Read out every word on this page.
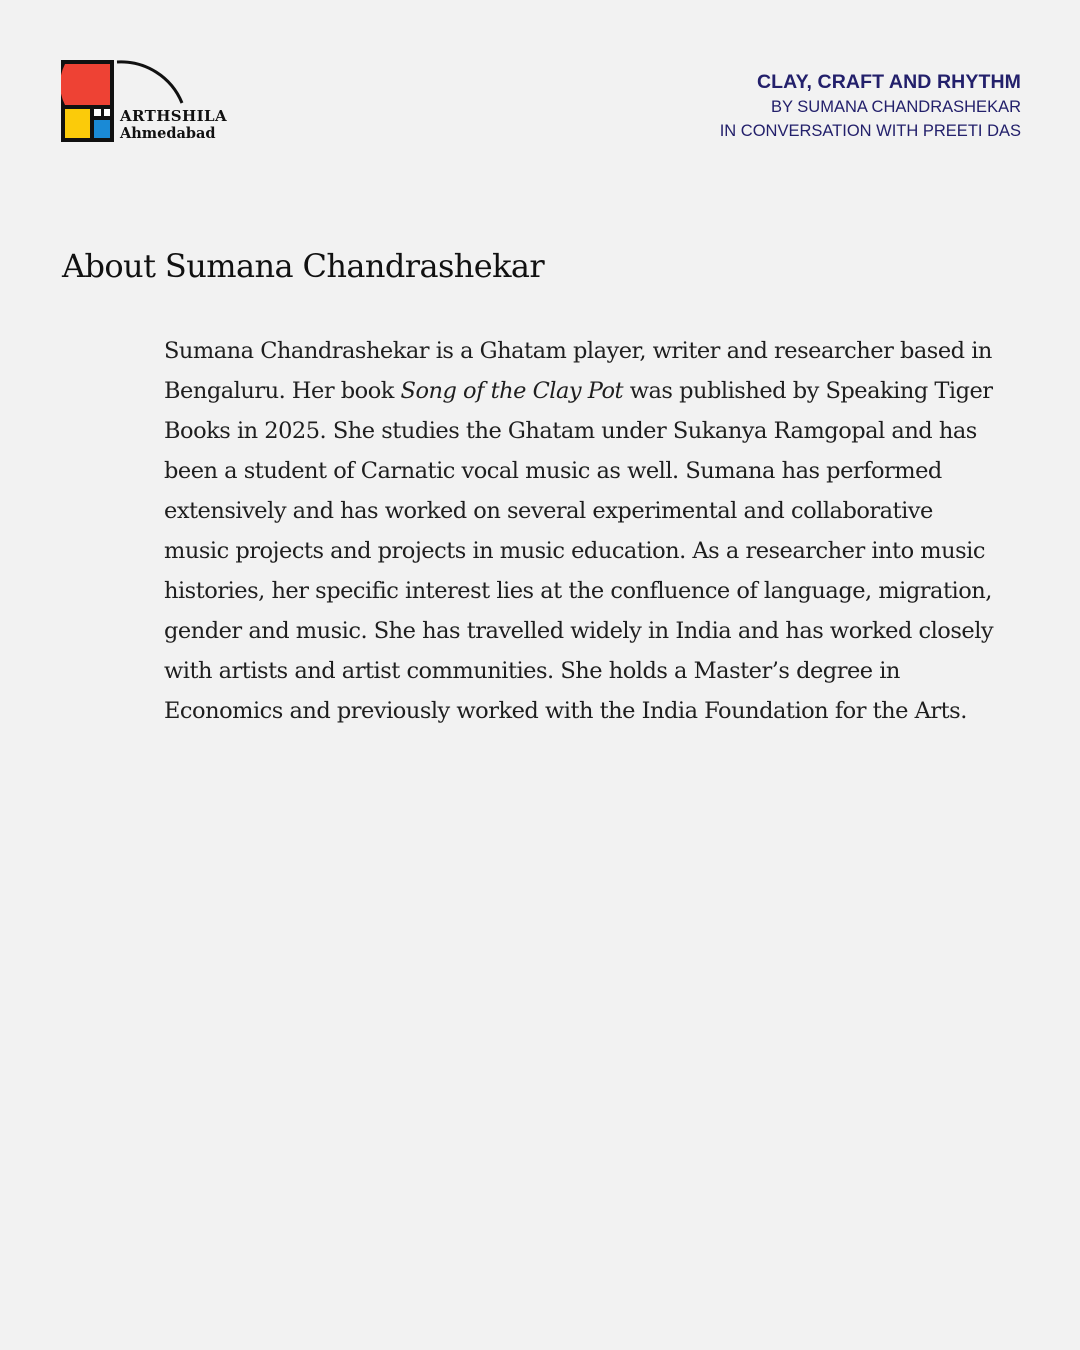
ARTHSHILA
Ahmedabad
CLAY, CRAFT AND RHYTHM
BY SUMANA CHANDRASHEKAR
IN CONVERSATION WITH PREETI DAS
About Sumana Chandrashekar

Sumana Chandrashekar is a Ghatam player, writer and researcher based in
Bengaluru. Her book Song of the Clay Pot was published by Speaking Tiger
Books in 2025. She studies the Ghatam under Sukanya Ramgopal and has
been a student of Carnatic vocal music as well. Sumana has performed
extensively and has worked on several experimental and collaborative
music projects and projects in music education. As a researcher into music
histories, her specific interest lies at the confluence of language, migration,
gender and music. She has travelled widely in India and has worked closely
with artists and artist communities. She holds a Master’s degree in
Economics and previously worked with the India Foundation for the Arts.
